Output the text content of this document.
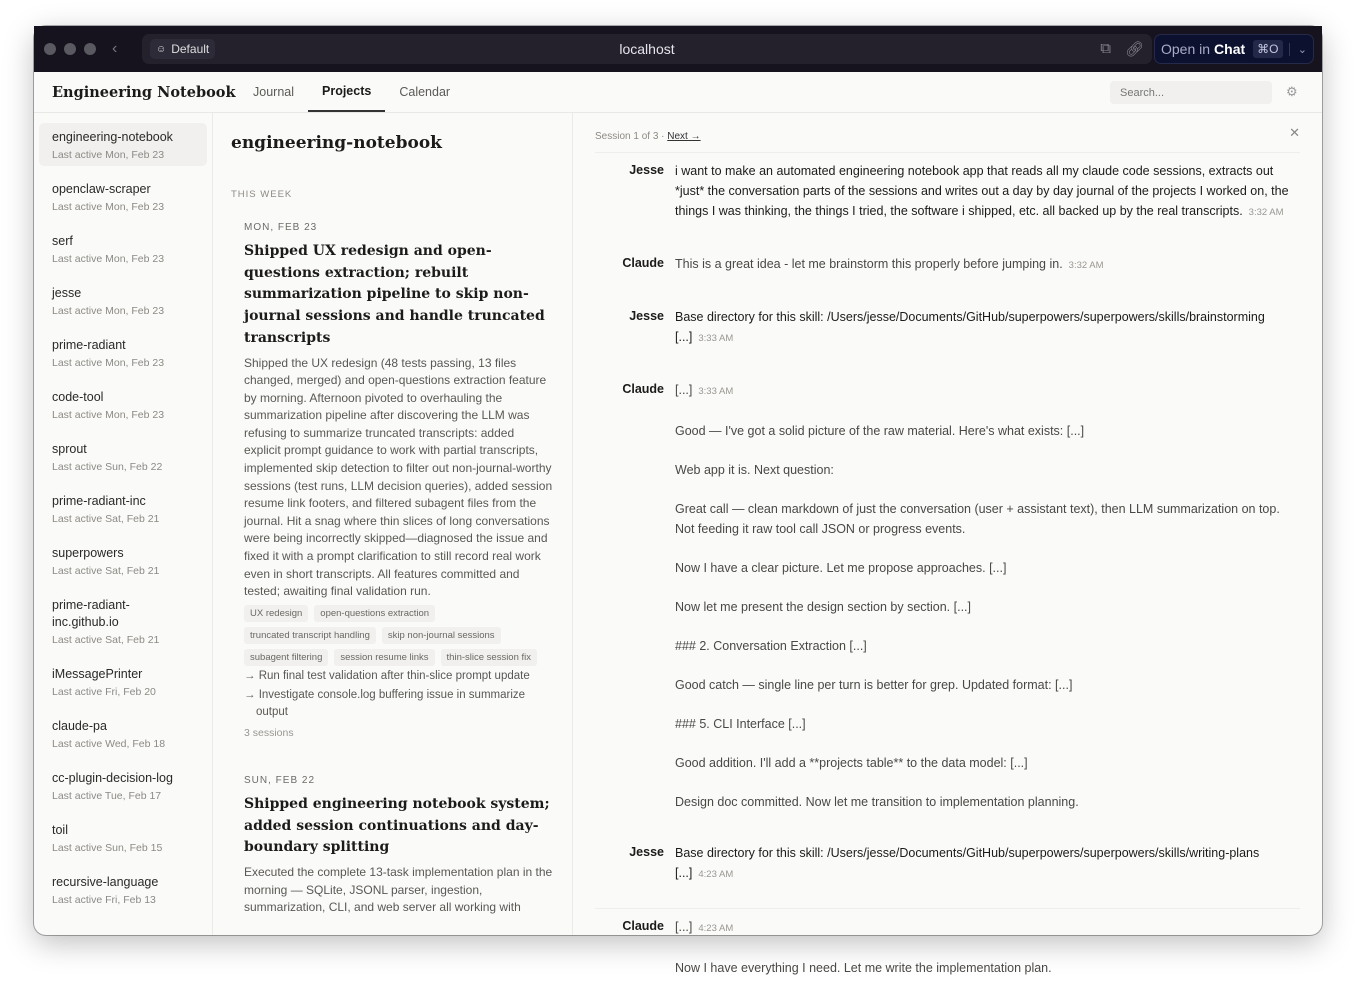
‹	☺ Default	localhost	⧉ 🔗︎ Open in Chat	⌘O	⌄
Engineering Notebook	Journal	Projects	Calendar
Search...	⚙
engineering-notebook
Last active Mon, Feb 23
openclaw-scraper
Last active Mon, Feb 23
serf
Last active Mon, Feb 23
jesse
Last active Mon, Feb 23
prime-radiant
Last active Mon, Feb 23
code-tool
Last active Mon, Feb 23
sprout
Last active Sun, Feb 22
prime-radiant-inc
Last active Sat, Feb 21
superpowers
Last active Sat, Feb 21
prime-radiant-inc.github.io
Last active Sat, Feb 21
iMessagePrinter
Last active Fri, Feb 20
claude-pa
Last active Wed, Feb 18
cc-plugin-decision-log
Last active Tue, Feb 17
toil
Last active Sun, Feb 15
recursive-language
Last active Fri, Feb 13
engineering-notebook
THIS WEEK
MON, FEB 23
Shipped UX redesign and open-questions extraction; rebuilt summarization pipeline to skip non-journal sessions and handle truncated transcripts
Shipped the UX redesign (48 tests passing, 13 files changed, merged) and open-questions extraction feature by morning. Afternoon pivoted to overhauling the summarization pipeline after discovering the LLM was refusing to summarize truncated transcripts: added explicit prompt guidance to work with partial transcripts, implemented skip detection to filter out non-journal-worthy sessions (test runs, LLM decision queries), added session resume link footers, and filtered subagent files from the journal. Hit a snag where thin slices of long conversations were being incorrectly skipped—diagnosed the issue and fixed it with a prompt clarification to still record real work even in short transcripts. All features committed and tested; awaiting final validation run.
UX redesign	open-questions extraction
truncated transcript handling	skip non-journal sessions
subagent filtering	session resume links	thin-slice session fix
→ Run final test validation after thin-slice prompt update
→ Investigate console.log buffering issue in summarize output
3 sessions
SUN, FEB 22
Shipped engineering notebook system; added session continuations and day-boundary splitting
Executed the complete 13-task implementation plan in the morning — SQLite, JSONL parser, ingestion, summarization, CLI, and web server all working with
Session 1 of 3 · Next →	✕
Jesse i want to make an automated engineering notebook app that reads all my claude code sessions, extracts out *just* the conversation parts of the sessions and writes out a day by day journal of the projects I worked on, the things I was thinking, the things I tried, the software i shipped, etc. all backed up by the real transcripts. 3:32 AM
Claude This is a great idea - let me brainstorm this properly before jumping in. 3:32 AM
Jesse Base directory for this skill: /Users/jesse/Documents/GitHub/superpowers/superpowers/skills/brainstorming [...] 3:33 AM
Claude [...] 3:33 AM
Good — I've got a solid picture of the raw material. Here's what exists: [...]
Web app it is. Next question:
Great call — clean markdown of just the conversation (user + assistant text), then LLM summarization on top. Not feeding it raw tool call JSON or progress events.
Now I have a clear picture. Let me propose approaches. [...]
Now let me present the design section by section. [...]
### 2. Conversation Extraction [...]
Good catch — single line per turn is better for grep. Updated format: [...]
### 5. CLI Interface [...]
Good addition. I'll add a **projects table** to the data model: [...]
Design doc committed. Now let me transition to implementation planning.
Jesse Base directory for this skill: /Users/jesse/Documents/GitHub/superpowers/superpowers/skills/writing-plans [...] 4:23 AM
Claude [...] 4:23 AM
Now I have everything I need. Let me write the implementation plan.
